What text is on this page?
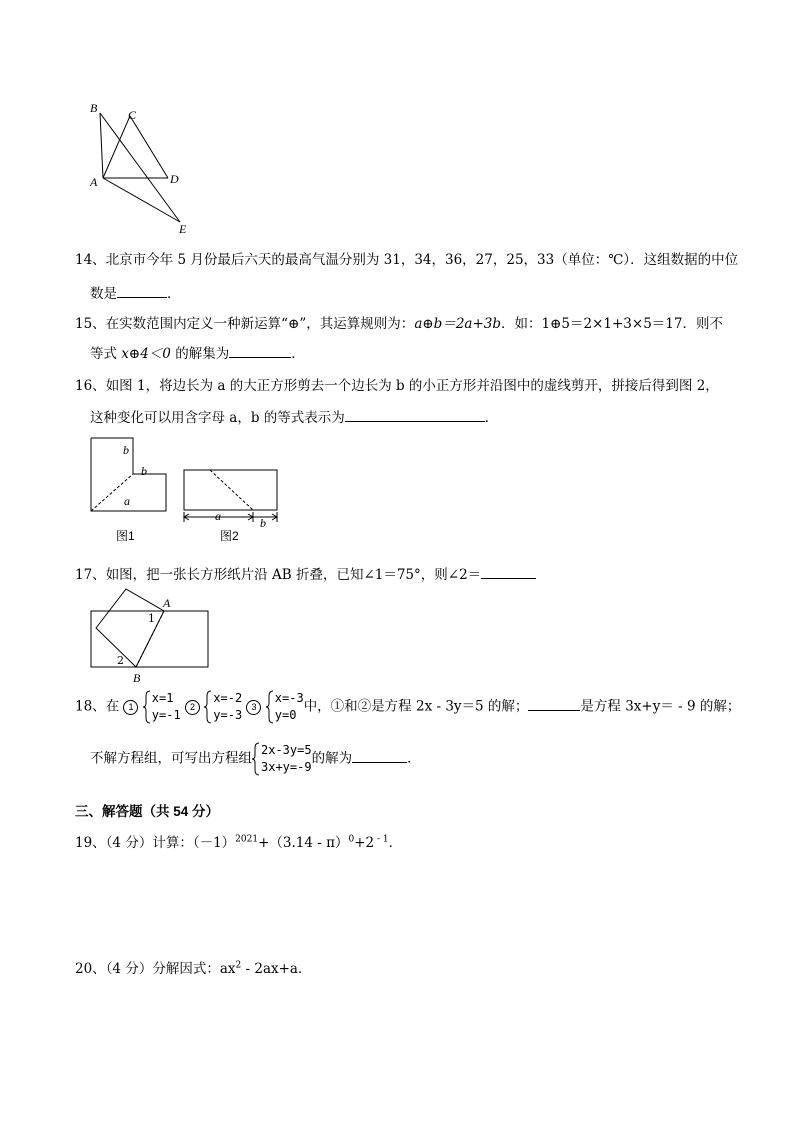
B	C
A	D
E
14、北京市今年 5 月份最后六天的最高气温分别为 31，34，36，27，25，33（单位：℃）．这组数据的中位
数是	．
15、在实数范围内定义一种新运算“⊕”，其运算规则为：a⊕b＝2a+3b．如：1⊕5＝2×1+3×5＝17．则不
等式 x⊕4＜0 的解集为	．
16、如图 1，将边长为 a 的大正方形剪去一个边长为 b 的小正方形并沿图中的虚线剪开，拼接后得到图 2，
这种变化可以用含字母 a，b 的等式表示为	．
b
b
a
图1
a	b
图2
17、如图，把一张长方形纸片沿 AB 折叠，已知∠1＝75°，则∠2＝
A
B
1
2
18、在 1
x=1
y=-1
2
x=-2
y=-3
3
x=-3
y=0
中，①和②是方程 2x - 3y＝5 的解；	是方程 3x+y＝ - 9 的解；
不解方程组，可写出方程组
2x-3y=5
3x+y=-9
的解为	．
三、解答题（共 54 分）
19、（4 分）计算：$(-1)^{2021}+(3.14 - \pi)^0+2$ $^{- 1}$．
20、（4 分）分解因式：$ax^2 - 2ax+a$．
